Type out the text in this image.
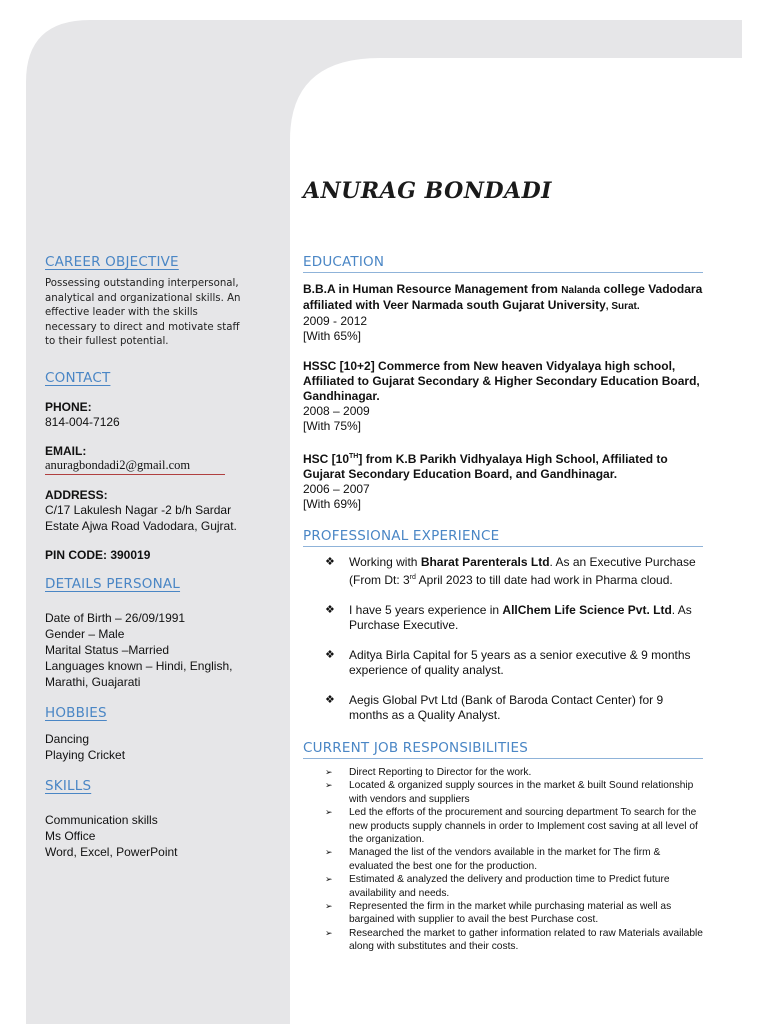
ANURAG BONDADI
CAREER OBJECTIVE
Possessing outstanding interpersonal, analytical and organizational skills. An effective leader with the skills necessary to direct and motivate staff to their fullest potential.
CONTACT
PHONE:
814-004-7126
EMAIL:
anuragbondadi2@gmail.com
ADDRESS:
C/17 Lakulesh Nagar -2 b/h Sardar Estate Ajwa Road Vadodara, Gujrat.
PIN CODE: 390019
DETAILS PERSONAL
Date of Birth – 26/09/1991
Gender – Male
Marital Status –Married
Languages known – Hindi, English, Marathi, Guajarati
HOBBIES
Dancing
Playing Cricket
SKILLS
Communication skills
Ms Office
Word, Excel, PowerPoint
EDUCATION
B.B.A in Human Resource Management from Nalanda college Vadodara affiliated with Veer Narmada south Gujarat University, Surat.
2009 - 2012
[With 65%]
HSSC [10+2] Commerce from New heaven Vidyalaya high school, Affiliated to Gujarat Secondary & Higher Secondary Education Board, Gandhinagar.
2008 – 2009
[With 75%]
HSC [10TH] from K.B Parikh Vidhyalaya High School, Affiliated to Gujarat Secondary Education Board, and Gandhinagar.
2006 – 2007
[With 69%]
PROFESSIONAL EXPERIENCE
❖ Working with Bharat Parenterals Ltd. As an Executive Purchase (From Dt: 3rd April 2023 to till date had work in Pharma cloud.
❖ I have 5 years experience in AllChem Life Science Pvt. Ltd. As Purchase Executive.
❖ Aditya Birla Capital for 5 years as a senior executive & 9 months experience of quality analyst.
❖ Aegis Global Pvt Ltd (Bank of Baroda Contact Center) for 9 months as a Quality Analyst.
CURRENT JOB RESPONSIBILITIES
➢ Direct Reporting to Director for the work.
➢ Located & organized supply sources in the market & built Sound relationship with vendors and suppliers
➢ Led the efforts of the procurement and sourcing department To search for the new products supply channels in order to Implement cost saving at all level of the organization.
➢ Managed the list of the vendors available in the market for The firm & evaluated the best one for the production.
➢ Estimated & analyzed the delivery and production time to Predict future availability and needs.
➢ Represented the firm in the market while purchasing material as well as bargained with supplier to avail the best Purchase cost.
➢ Researched the market to gather information related to raw Materials available along with substitutes and their costs.
